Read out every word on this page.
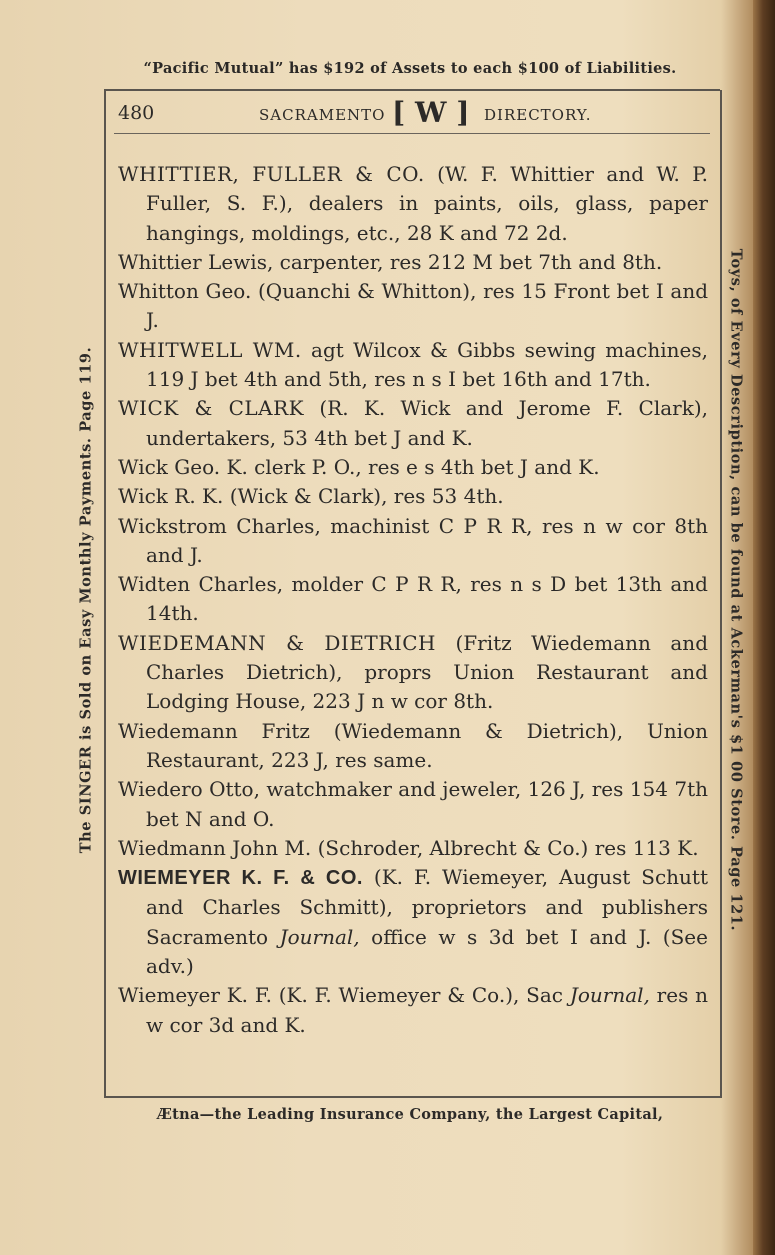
“Pacific Mutual” has $192 of Assets to each $100 of Liabilities.
480	SACRAMENTO [ W ] DIRECTORY.

WHITTIER, FULLER & CO. (W. F. Whittier and W. P. Fuller, S. F.), dealers in paints, oils, glass, paper hangings, moldings, etc., 28 K and 72 2d.

Whittier Lewis, carpenter, res 212 M bet 7th and 8th.

Whitton Geo. (Quanchi & Whitton), res 15 Front bet I and J.

WHITWELL WM. agt Wilcox & Gibbs sewing machines, 119 J bet 4th and 5th, res n s I bet 16th and 17th.

WICK & CLARK (R. K. Wick and Jerome F. Clark), undertakers, 53 4th bet J and K.

Wick Geo. K. clerk P. O., res e s 4th bet J and K.

Wick R. K. (Wick & Clark), res 53 4th.

Wickstrom Charles, machinist C P R R, res n w cor 8th and J.

Widten Charles, molder C P R R, res n s D bet 13th and 14th.

WIEDEMANN & DIETRICH (Fritz Wiedemann and Charles Dietrich), proprs Union Restaurant and Lodging House, 223 J n w cor 8th.

Wiedemann Fritz (Wiedemann & Dietrich), Union Restaurant, 223 J, res same.

Wiedero Otto, watchmaker and jeweler, 126 J, res 154 7th bet N and O.

Wiedmann John M. (Schroder, Albrecht & Co.) res 113 K.

WIEMEYER K. F. & CO. (K. F. Wiemeyer, August Schutt and Charles Schmitt), proprietors and publishers Sacramento Journal, office w s 3d bet I and J. (See adv.)

Wiemeyer K. F. (K. F. Wiemeyer & Co.), Sac Journal, res n w cor 3d and K.

Ætna—the Leading Insurance Company, the Largest Capital,
The SINGER is Sold on Easy Monthly Payments. Page 119.	Toys, of Every Description, can be found at Ackerman's $1 00 Store. Page 121.
